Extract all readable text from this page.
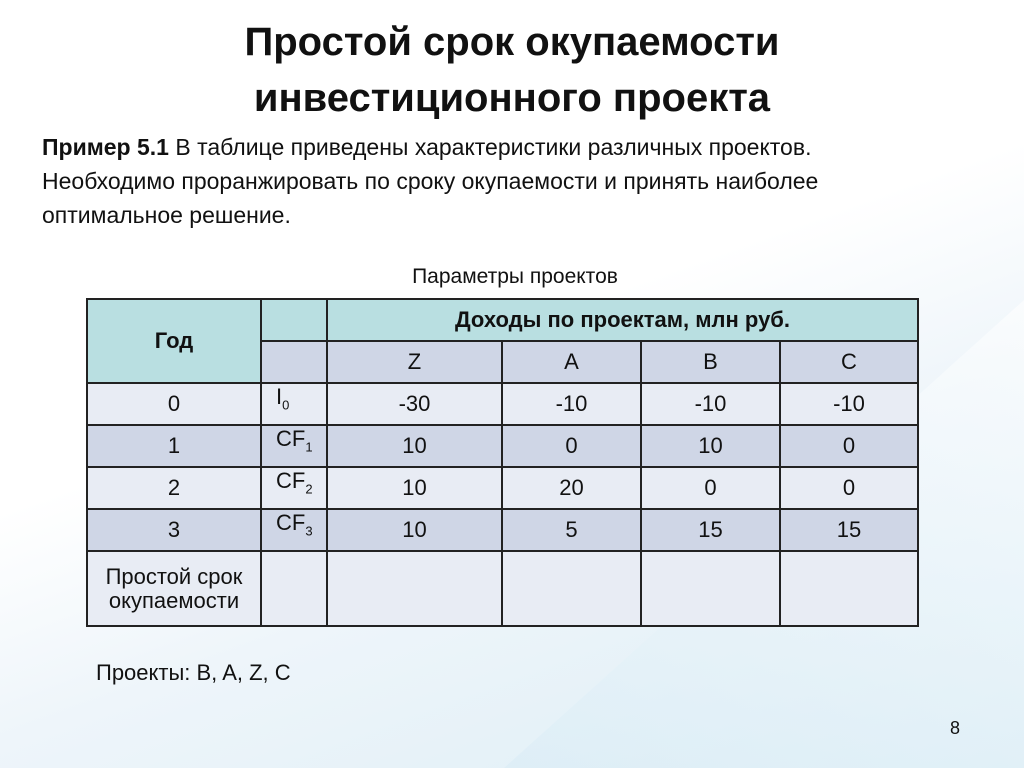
Простой срок окупаемости
инвестиционного проекта
Пример 5.1 В таблице приведены характеристики различных проектов. Необходимо проранжировать по сроку окупаемости и принять наиболее оптимальное решение.
Параметры проектов
Год		Доходы по проектам, млн руб.			
		Z	A	B	C
0	$I_0$	-30	-10	-10	-10
1	$CF_1$	10	0	10	0
2	$CF_2$	10	20	0	0
3	$CF_3$	10	5	15	15
Простой срок окупаемости					
Проекты: B, A, Z, C
8
